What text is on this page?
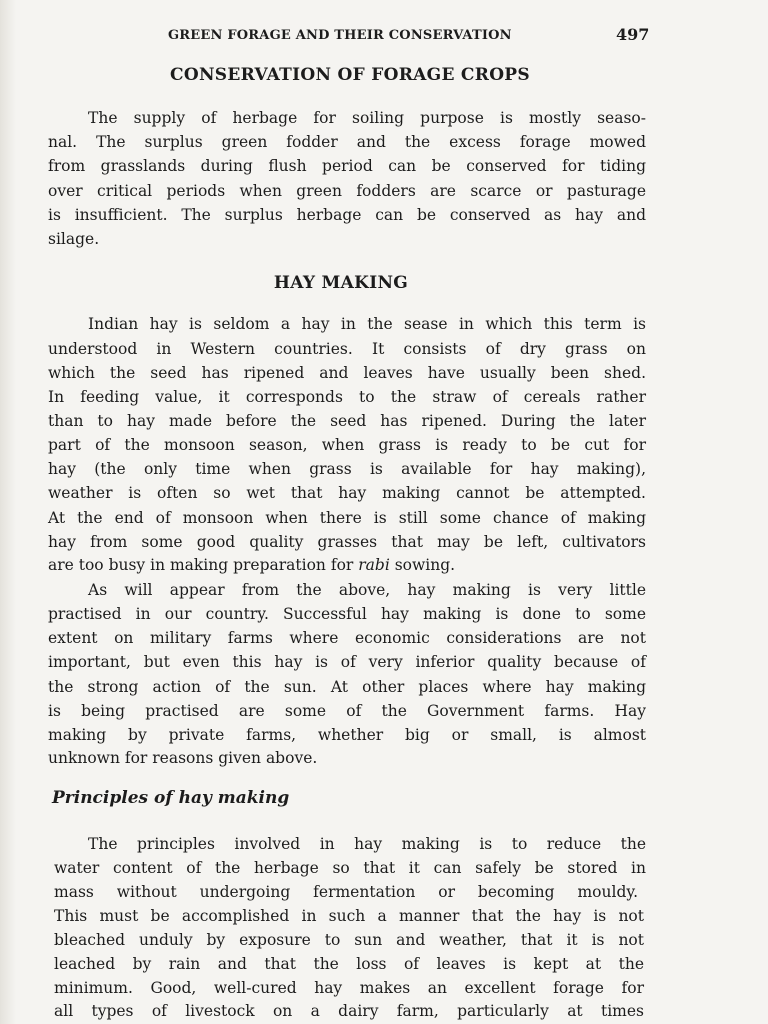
GREEN FORAGE AND THEIR CONSERVATION	497
CONSERVATION OF FORAGE CROPS
The supply of herbage for soiling purpose is mostly seaso-
nal. The surplus green fodder and the excess forage mowed
from grasslands during flush period can be conserved for tiding
over critical periods when green fodders are scarce or pasturage
is insufficient. The surplus herbage can be conserved as hay and
silage.
HAY MAKING
Indian hay is seldom a hay in the sease in which this term is
understood in Western countries. It consists of dry grass on
which the seed has ripened and leaves have usually been shed.
In feeding value, it corresponds to the straw of cereals rather
than to hay made before the seed has ripened. During the later
part of the monsoon season, when grass is ready to be cut for
hay (the only time when grass is available for hay making),
weather is often so wet that hay making cannot be attempted.
At the end of monsoon when there is still some chance of making
hay from some good quality grasses that may be left, cultivators
are too busy in making preparation for rabi sowing.
As will appear from the above, hay making is very little
practised in our country. Successful hay making is done to some
extent on military farms where economic considerations are not
important, but even this hay is of very inferior quality because of
the strong action of the sun. At other places where hay making
is being practised are some of the Government farms. Hay
making by private farms, whether big or small, is almost
unknown for reasons given above.
Principles of hay making
The principles involved in hay making is to reduce the
water content of the herbage so that it can safely be stored in
mass without undergoing fermentation or becoming mouldy.
This must be accomplished in such a manner that the hay is not
bleached unduly by exposure to sun and weather, that it is not
leached by rain and that the loss of leaves is kept at the
minimum. Good, well-cured hay makes an excellent forage for
all types of livestock on a dairy farm, particularly at times
